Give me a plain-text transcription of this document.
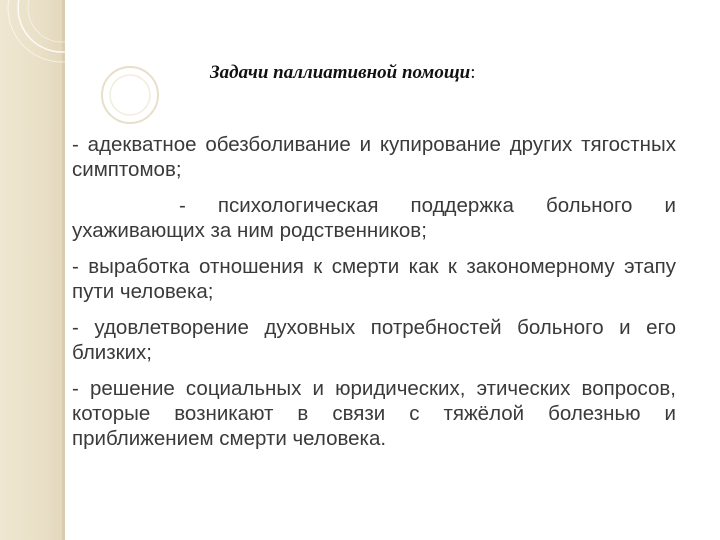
Задачи паллиативной помощи:

- адекватное обезболивание и купирование других тягостных симптомов;

-   психологическая   поддержка   больного   и ухаживающих за ним родственников;

- выработка отношения к смерти как к закономерному этапу пути человека;

- удовлетворение духовных потребностей больного и его близких;

- решение социальных и юридических, этических вопросов, которые возникают в связи с тяжёлой болезнью и приближением смерти человека.
